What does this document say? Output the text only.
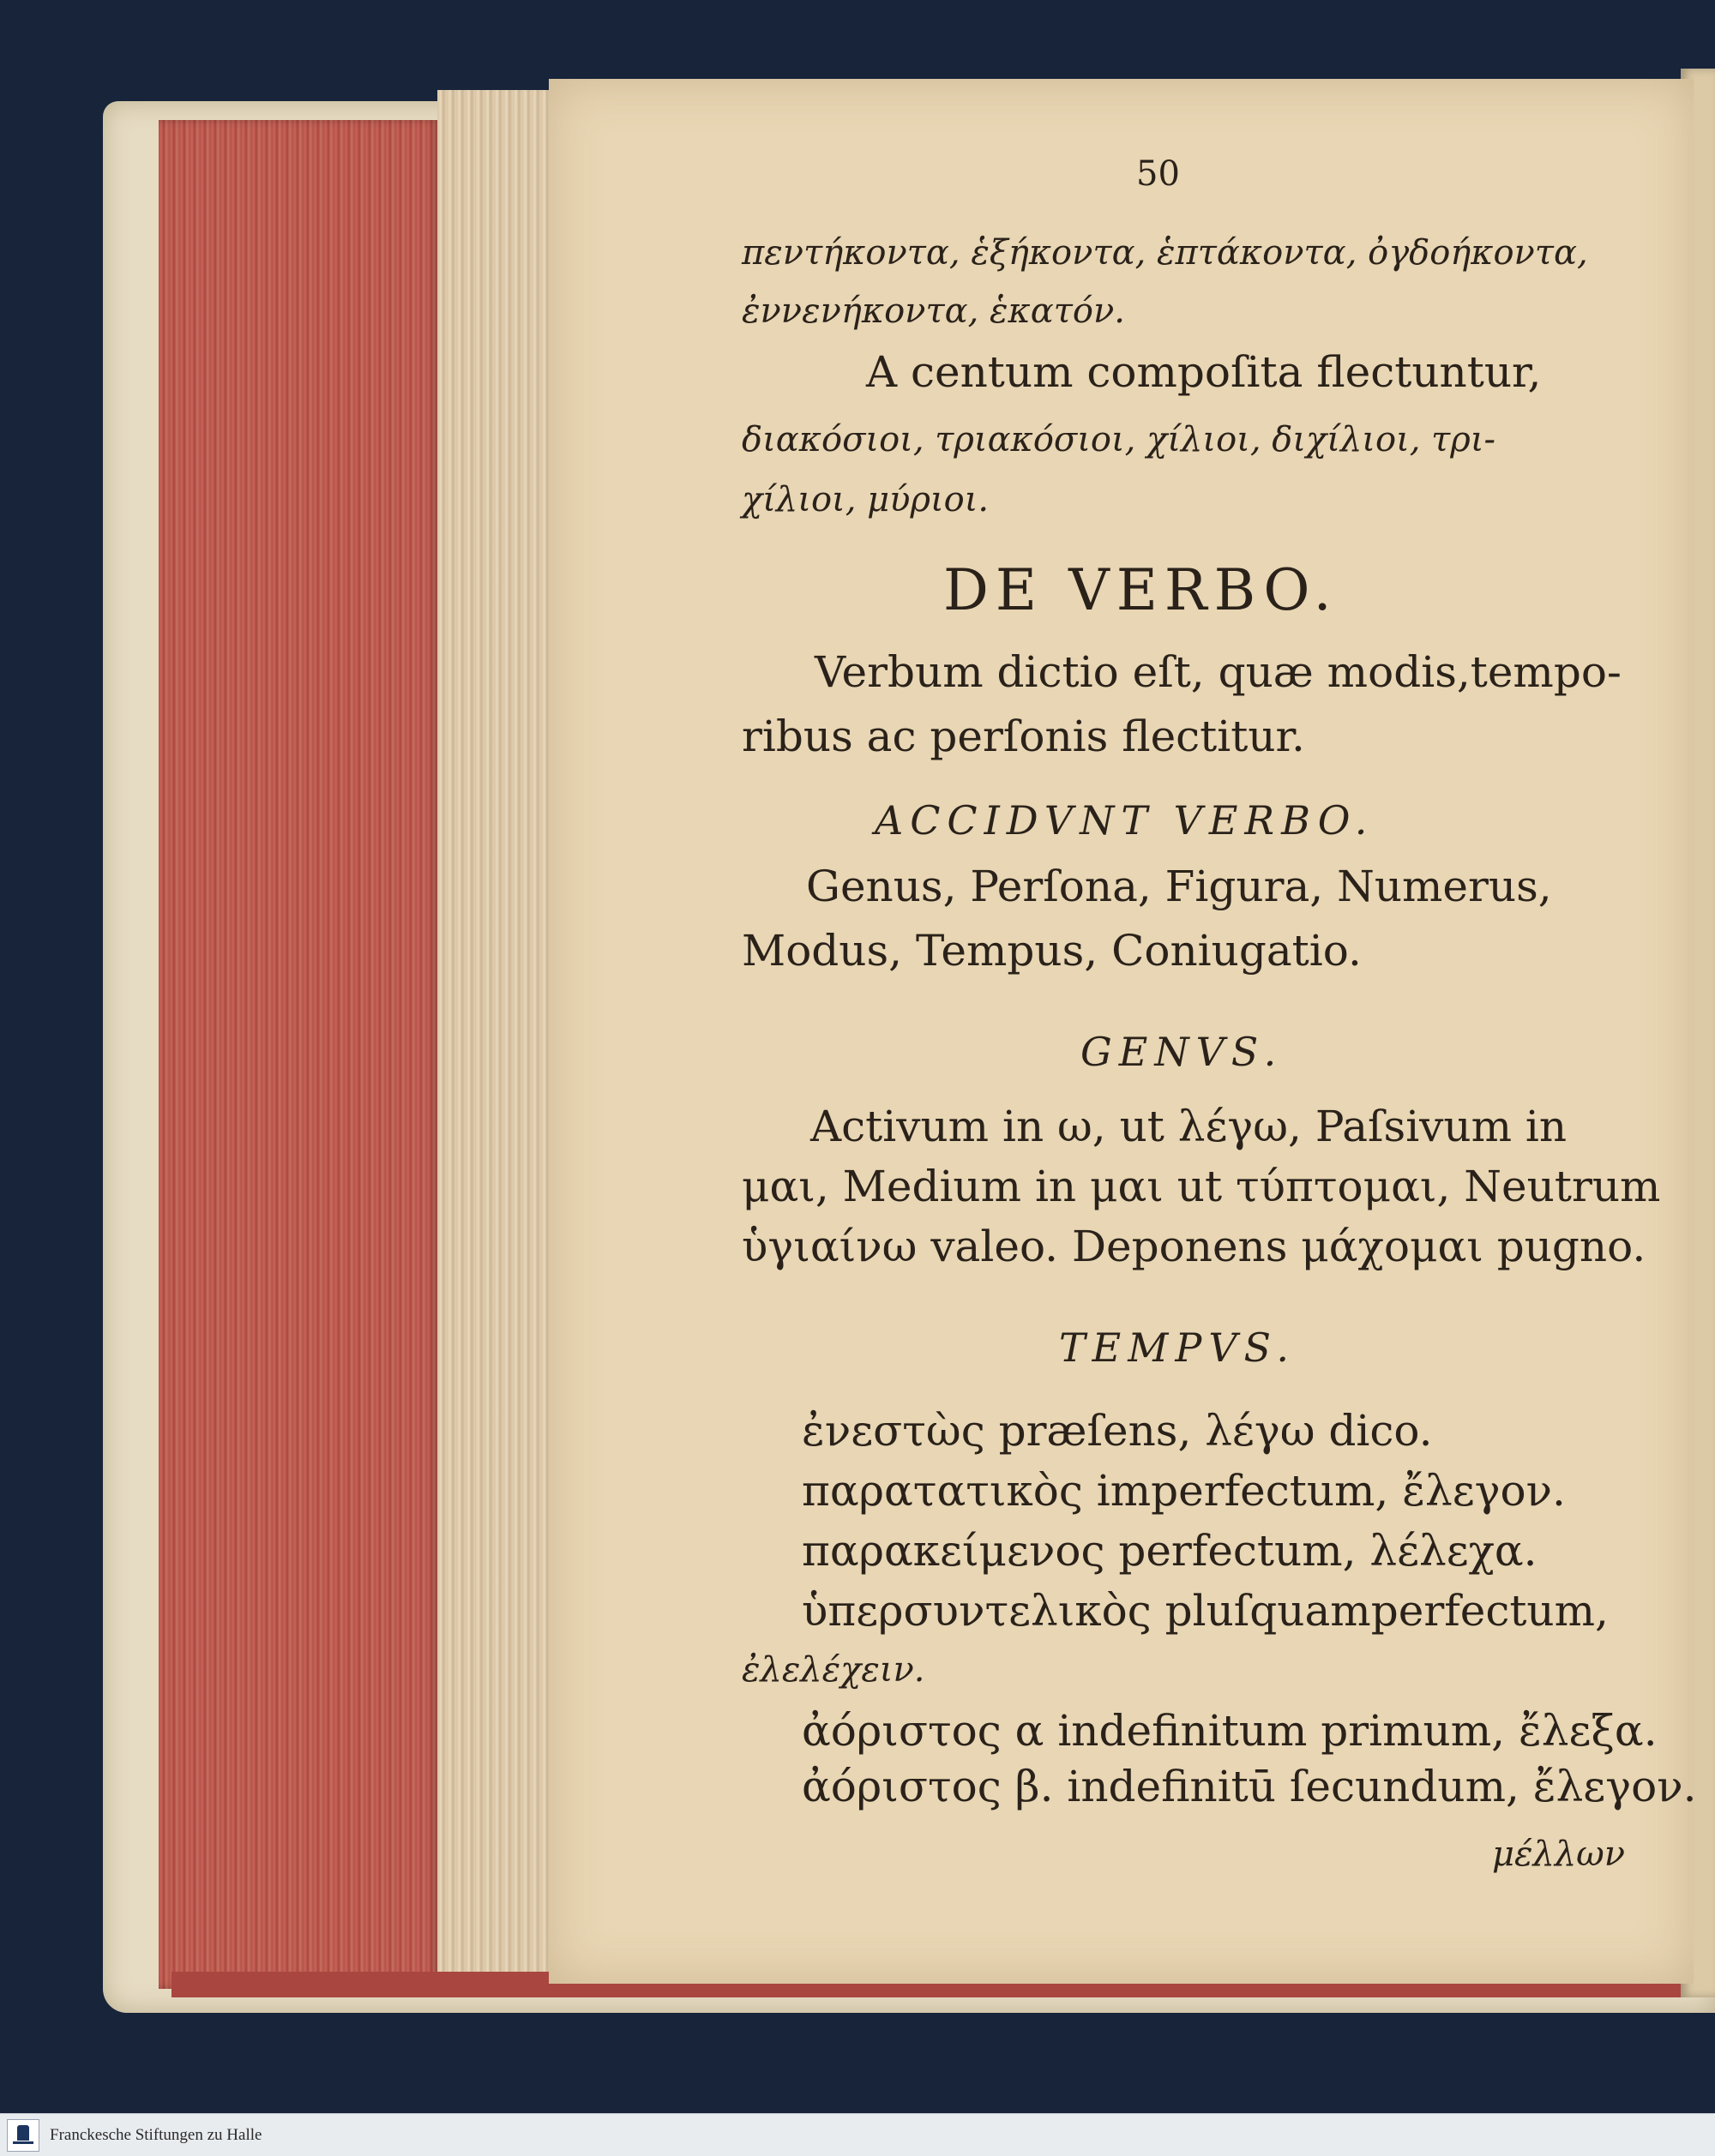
50
πεντήκοντα, ἑξήκοντα, ἑπτάκοντα, ὀγδοήκοντα,
ἐννενήκοντα, ἑκατόν.
A centum compoſita flectuntur,
διακόσιοι, τριακόσιοι, χίλιοι, διχίλιοι, τρι-
χίλιοι, μύριοι.
DE VERBO.
Verbum dictio eſt, quæ modis,tempo-
ribus ac perſonis flectitur.
ACCIDVNT VERBO.
Genus, Perſona, Figura, Numerus,
Modus, Tempus, Coniugatio.
GENVS.
Activum in ω, ut λέγω, Paſsivum in
μαι, Medium in μαι ut τύπτομαι, Neutrum
ὑγιαίνω valeo. Deponens μάχομαι pugno.
TEMPVS.
ἐνεστὼς præſens, λέγω dico.
παρατατικὸς imperfectum, ἔλεγον.
παρακείμενος perfectum, λέλεχα.
ὑπερσυντελικὸς pluſquamperfectum,
ἐλελέχειν.
ἀόριστος α indefinitum primum, ἔλεξα.
ἀόριστος β. indefinitū ſecundum, ἔλεγον.
μέλλων
Franckesche Stiftungen zu Halle
